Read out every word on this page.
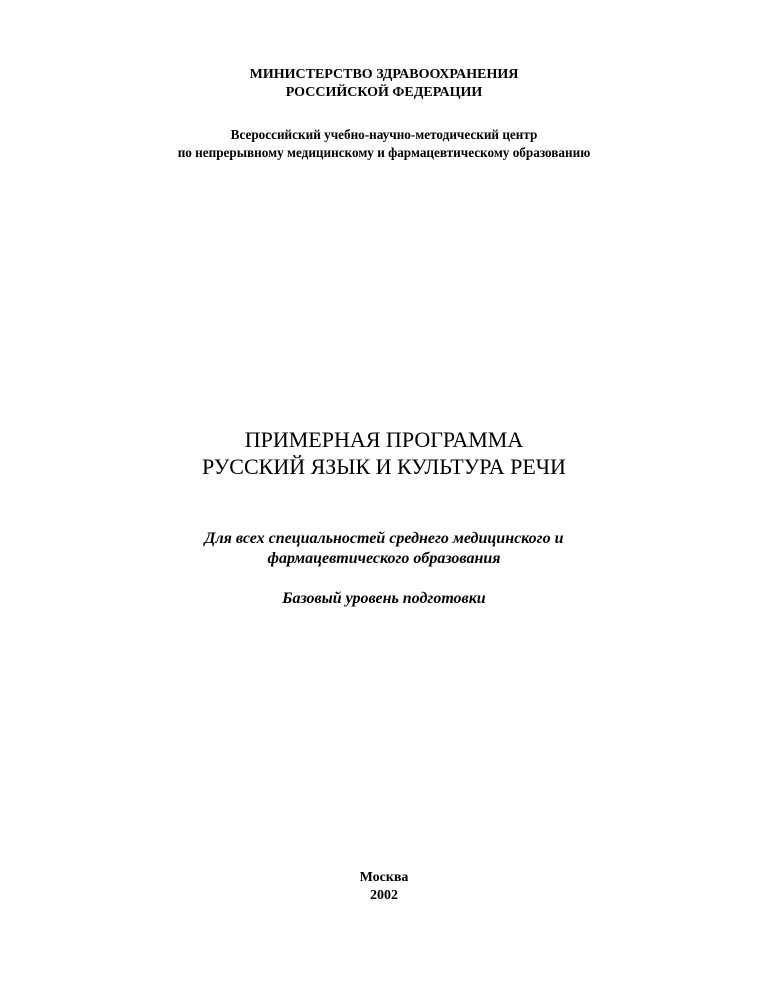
МИНИСТЕРСТВО ЗДРАВООХРАНЕНИЯ
РОССИЙСКОЙ ФЕДЕРАЦИИ
Всероссийский учебно-научно-методический центр
по непрерывному медицинскому и фармацевтическому образованию
ПРИМЕРНАЯ ПРОГРАММА
РУССКИЙ ЯЗЫК И КУЛЬТУРА РЕЧИ
Для всех специальностей среднего медицинского и
фармацевтического образования
Базовый уровень подготовки
Москва
2002
